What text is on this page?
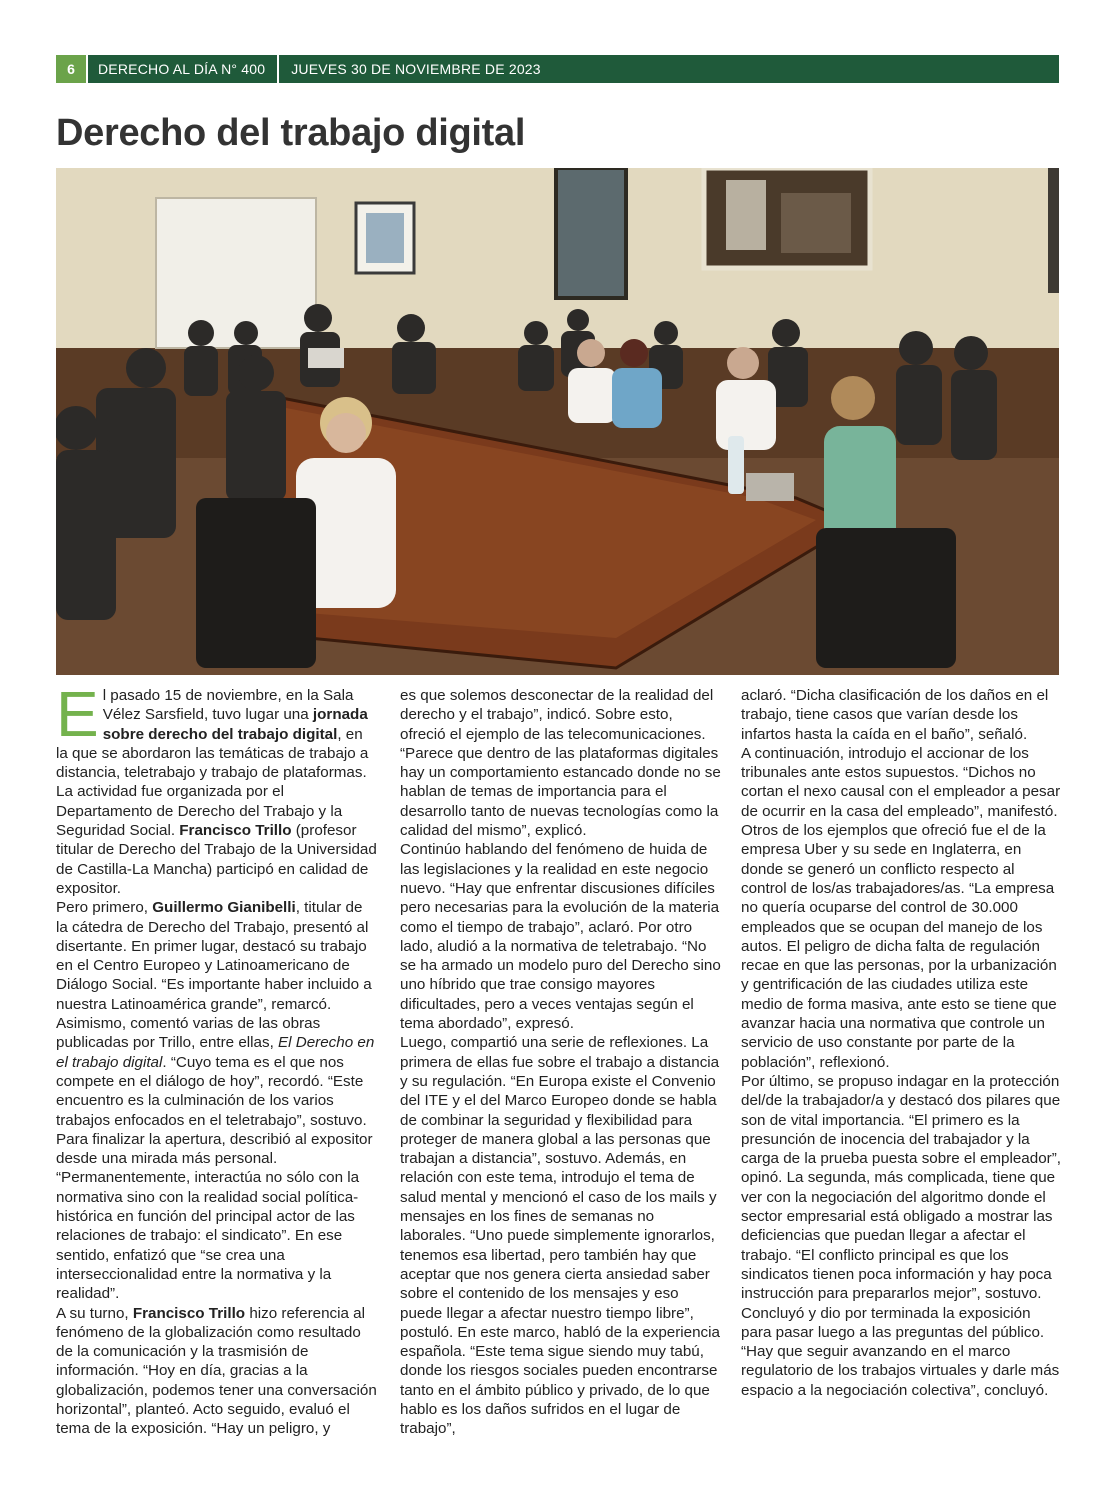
6	DERECHO AL DÍA N° 400	JUEVES 30 DE NOVIEMBRE DE 2023
Derecho del trabajo digital

El pasado 15 de noviembre, en la Sala Vélez Sarsfield, tuvo lugar una jornada sobre derecho del trabajo digital, en la que se abordaron las temáticas de trabajo a distancia, teletrabajo y trabajo de plataformas. La actividad fue organizada por el Departamento de Derecho del Trabajo y la Seguridad Social. Francisco Trillo (profesor titular de Derecho del Trabajo de la Universidad de Castilla-La Mancha) participó en calidad de expositor.

Pero primero, Guillermo Gianibelli, titular de la cátedra de Derecho del Trabajo, presentó al disertante. En primer lugar, destacó su trabajo en el Centro Europeo y Latinoamericano de Diálogo Social. “Es importante haber incluido a nuestra Latinoamérica grande”, remarcó. Asimismo, comentó varias de las obras publicadas por Trillo, entre ellas, El Derecho en el trabajo digital. “Cuyo tema es el que nos compete en el diálogo de hoy”, recordó. “Este encuentro es la culminación de los varios trabajos enfocados en el teletrabajo”, sostuvo. Para finalizar la apertura, describió al expositor desde una mirada más personal. “Permanentemente, interactúa no sólo con la normativa sino con la realidad social política-histórica en función del principal actor de las relaciones de trabajo: el sindicato”. En ese sentido, enfatizó que “se crea una interseccionalidad entre la normativa y la realidad”.

A su turno, Francisco Trillo hizo referencia al fenómeno de la globalización como resultado de la comunicación y la trasmisión de información. “Hoy en día, gracias a la globalización, podemos tener una conversación horizontal”, planteó. Acto seguido, evaluó el tema de la exposición. “Hay un peligro, y

es que solemos desconectar de la realidad del derecho y el trabajo”, indicó. Sobre esto, ofreció el ejemplo de las telecomunicaciones. “Parece que dentro de las plataformas digitales hay un comportamiento estancado donde no se hablan de temas de importancia para el desarrollo tanto de nuevas tecnologías como la calidad del mismo”, explicó.

Continúo hablando del fenómeno de huida de las legislaciones y la realidad en este negocio nuevo. “Hay que enfrentar discusiones difíciles pero necesarias para la evolución de la materia como el tiempo de trabajo”, aclaró. Por otro lado, aludió a la normativa de teletrabajo. “No se ha armado un modelo puro del Derecho sino uno híbrido que trae consigo mayores dificultades, pero a veces ventajas según el tema abordado”, expresó.

Luego, compartió una serie de reflexiones. La primera de ellas fue sobre el trabajo a distancia y su regulación. “En Europa existe el Convenio del ITE y el del Marco Europeo donde se habla de combinar la seguridad y flexibilidad para proteger de manera global a las personas que trabajan a distancia”, sostuvo. Además, en relación con este tema, introdujo el tema de salud mental y mencionó el caso de los mails y mensajes en los fines de semanas no laborales. “Uno puede simplemente ignorarlos, tenemos esa libertad, pero también hay que aceptar que nos genera cierta ansiedad saber sobre el contenido de los mensajes y eso puede llegar a afectar nuestro tiempo libre”, postuló. En este marco, habló de la experiencia española. “Este tema sigue siendo muy tabú, donde los riesgos sociales pueden encontrarse tanto en el ámbito público y privado, de lo que hablo es los daños sufridos en el lugar de trabajo”,

aclaró. “Dicha clasificación de los daños en el trabajo, tiene casos que varían desde los infartos hasta la caída en el baño”, señaló.

A continuación, introdujo el accionar de los tribunales ante estos supuestos. “Dichos no cortan el nexo causal con el empleador a pesar de ocurrir en la casa del empleado”, manifestó. Otros de los ejemplos que ofreció fue el de la empresa Uber y su sede en Inglaterra, en donde se generó un conflicto respecto al control de los/as trabajadores/as. “La empresa no quería ocuparse del control de 30.000 empleados que se ocupan del manejo de los autos. El peligro de dicha falta de regulación recae en que las personas, por la urbanización y gentrificación de las ciudades utiliza este medio de forma masiva, ante esto se tiene que avanzar hacia una normativa que controle un servicio de uso constante por parte de la población”, reflexionó.

Por último, se propuso indagar en la protección del/de la trabajador/a y destacó dos pilares que son de vital importancia. “El primero es la presunción de inocencia del trabajador y la carga de la prueba puesta sobre el empleador”, opinó. La segunda, más complicada, tiene que ver con la negociación del algoritmo donde el sector empresarial está obligado a mostrar las deficiencias que puedan llegar a afectar el trabajo. “El conflicto principal es que los sindicatos tienen poca información y hay poca instrucción para prepararlos mejor”, sostuvo. Concluyó y dio por terminada la exposición para pasar luego a las preguntas del público. “Hay que seguir avanzando en el marco regulatorio de los trabajos virtuales y darle más espacio a la negociación colectiva”, concluyó.
